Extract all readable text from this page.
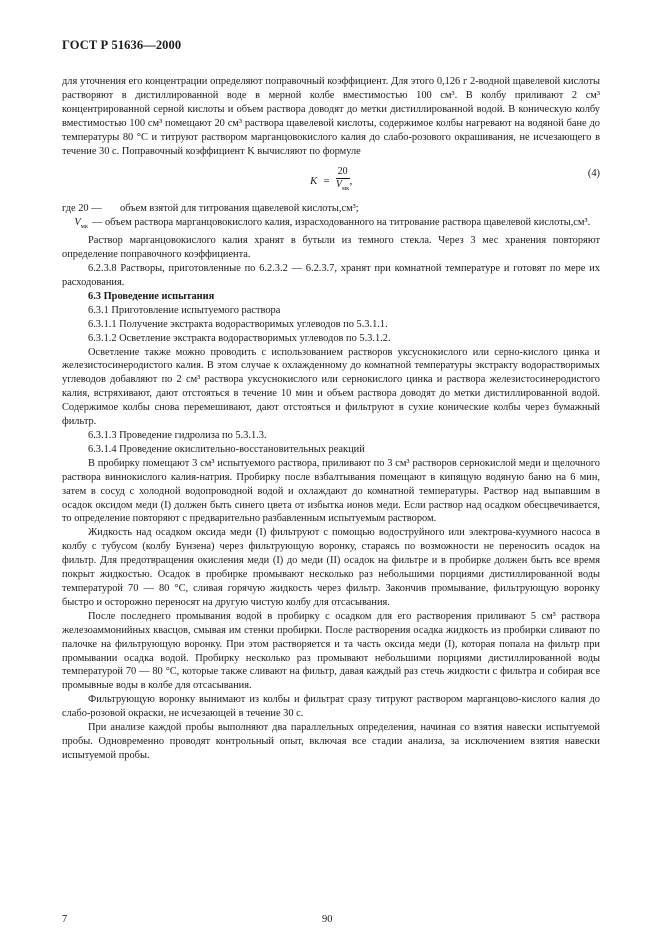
ГОСТ Р 51636—2000

для уточнения его концентрации определяют поправочный коэффициент. Для этого 0,126 г 2-водной щавелевой кислоты растворяют в дистиллированной воде в мерной колбе вместимостью 100 см³. В колбу приливают 2 см³ концентрированной серной кислоты и объем раствора доводят до метки дистиллированной водой. В коническую колбу вместимостью 100 см³ помещают 20 см³ раствора щавелевой кислоты, содержимое колбы нагревают на водяной бане до температуры 80 °С и титруют раствором марганцовокислого калия до слабо-розового окрашивания, не исчезающего в течение 30 с. Поправочный коэффициент K вычисляют по формуле

$K = \frac{20}{V_{мк}}$ ,
(4)
где 20 —	объем взятой для титрования щавелевой кислоты,см³;
$V_{мк}$ — объем раствора марганцовокислого калия, израсходованного на титрование раствора щавелевой кислоты,см³.

Раствор марганцовокислого калия хранят в бутыли из темного стекла. Через 3 мес хранения повторяют определение поправочного коэффициента.

6.2.3.8 Растворы, приготовленные по 6.2.3.2 — 6.2.3.7, хранят при комнатной температуре и готовят по мере их расходования.

6.3 Проведение испытания

6.3.1 Приготовление испытуемого раствора

6.3.1.1 Получение экстракта водорастворимых углеводов по 5.3.1.1.

6.3.1.2 Осветление экстракта водорастворимых углеводов по 5.3.1.2.

Осветление также можно проводить с использованием растворов уксуснокислого или серно-кислого цинка и железистосинеродистого калия. В этом случае к охлажденному до комнатной температуры экстракту водорастворимых углеводов добавляют по 2 см³ раствора уксуснокислого или сернокислого цинка и раствора железистосинеродистого калия, встряхивают, дают отстояться в течение 10 мин и объем раствора доводят до метки дистиллированной водой. Содержимое колбы снова перемешивают, дают отстояться и фильтруют в сухие конические колбы через бумажный фильтр.

6.3.1.3 Проведение гидролиза по 5.3.1.3.

6.3.1.4 Проведение окислительно-восстановительных реакций

В пробирку помещают 3 см³ испытуемого раствора, приливают по 3 см³ растворов сернокислой меди и щелочного раствора виннокислого калия-натрия. Пробирку после взбалтывания помещают в кипящую водяную баню на 6 мин, затем в сосуд с холодной водопроводной водой и охлаждают до комнатной температуры. Раствор над выпавшим в осадок оксидом меди (I) должен быть синего цвета от избытка ионов меди. Если раствор над осадком обесцвечивается, то определение повторяют с предварительно разбавленным испытуемым раствором.

Жидкость над осадком оксида меди (I) фильтруют с помощью водоструйного или электрова-куумного насоса в колбу с тубусом (колбу Бунзена) через фильтрующую воронку, стараясь по возможности не переносить осадок на фильтр. Для предотвращения окисления меди (I) до меди (II) осадок на фильтре и в пробирке должен быть все время покрыт жидкостью. Осадок в пробирке промывают несколько раз небольшими порциями дистиллированной воды температурой 70 — 80 °С, сливая горячую жидкость через фильтр. Закончив промывание, фильтрующую воронку быстро и осторожно переносят на другую чистую колбу для отсасывания.

После последнего промывания водой в пробирку с осадком для его растворения приливают 5 см³ раствора железоаммонийных квасцов, смывая им стенки пробирки. После растворения осадка жидкость из пробирки сливают по палочке на фильтрующую воронку. При этом растворяется и та часть оксида меди (I), которая попала на фильтр при промывании осадка водой. Пробирку несколько раз промывают небольшими порциями дистиллированной воды температурой 70 — 80 °С, которые также сливают на фильтр, давая каждый раз стечь жидкости с фильтра и собирая все промывные воды в колбе для отсасывания.

Фильтрующую воронку вынимают из колбы и фильтрат сразу титруют раствором марганцово-кислого калия до слабо-розовой окраски, не исчезающей в течение 30 с.

При анализе каждой пробы выполняют два параллельных определения, начиная со взятия навески испытуемой пробы. Одновременно проводят контрольный опыт, включая все стадии анализа, за исключением взятия навески испытуемой пробы.

7	90
